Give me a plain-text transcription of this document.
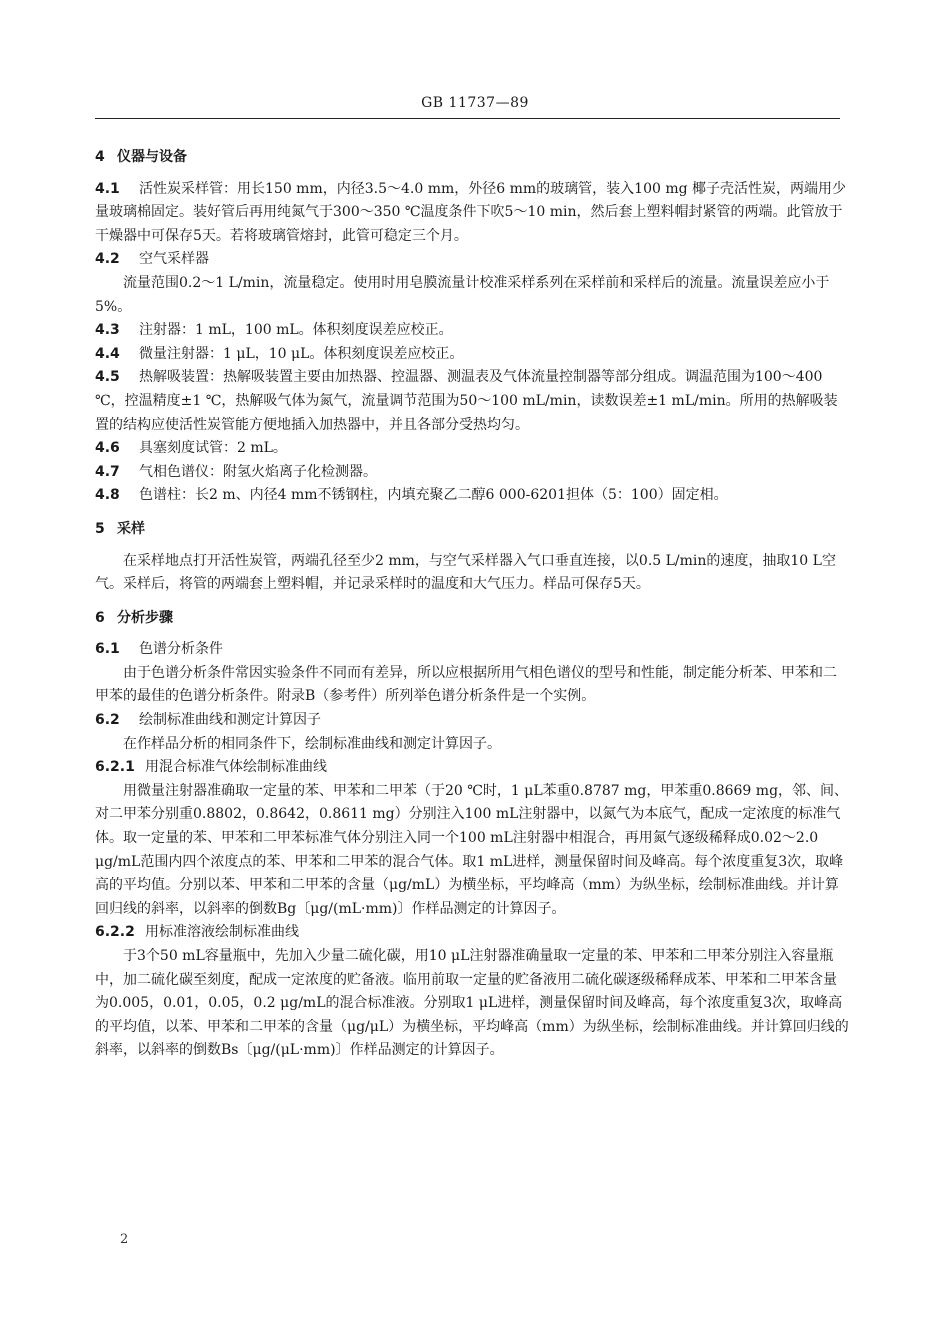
GB 11737—89

4 仪器与设备

4.1 活性炭采样管：用长150 mm，内径3.5～4.0 mm，外径6 mm的玻璃管，装入100 mg 椰子壳活性炭，两端用少量玻璃棉固定。装好管后再用纯氮气于300～350 ℃温度条件下吹5～10 min，然后套上塑料帽封紧管的两端。此管放于干燥器中可保存5天。若将玻璃管熔封，此管可稳定三个月。

4.2 空气采样器

流量范围0.2～1 L/min，流量稳定。使用时用皂膜流量计校准采样系列在采样前和采样后的流量。流量误差应小于5%。

4.3 注射器：1 mL，100 mL。体积刻度误差应校正。

4.4 微量注射器：1 μL，10 μL。体积刻度误差应校正。

4.5 热解吸装置：热解吸装置主要由加热器、控温器、测温表及气体流量控制器等部分组成。调温范围为100～400 ℃，控温精度±1 ℃，热解吸气体为氮气，流量调节范围为50～100 mL/min，读数误差±1 mL/min。所用的热解吸装置的结构应使活性炭管能方便地插入加热器中，并且各部分受热均匀。

4.6 具塞刻度试管：2 mL。

4.7 气相色谱仪：附氢火焰离子化检测器。

4.8 色谱柱：长2 m、内径4 mm不锈钢柱，内填充聚乙二醇6 000-6201担体（5：100）固定相。

5 采样

在采样地点打开活性炭管，两端孔径至少2 mm，与空气采样器入气口垂直连接，以0.5 L/min的速度，抽取10 L空气。采样后，将管的两端套上塑料帽，并记录采样时的温度和大气压力。样品可保存5天。

6 分析步骤

6.1 色谱分析条件

由于色谱分析条件常因实验条件不同而有差异，所以应根据所用气相色谱仪的型号和性能，制定能分析苯、甲苯和二甲苯的最佳的色谱分析条件。附录B（参考件）所列举色谱分析条件是一个实例。

6.2 绘制标准曲线和测定计算因子

在作样品分析的相同条件下，绘制标准曲线和测定计算因子。

6.2.1 用混合标准气体绘制标准曲线

用微量注射器准确取一定量的苯、甲苯和二甲苯（于20 ℃时，1 μL苯重0.8787 mg，甲苯重0.8669 mg，邻、间、对二甲苯分别重0.8802，0.8642，0.8611 mg）分别注入100 mL注射器中，以氮气为本底气，配成一定浓度的标准气体。取一定量的苯、甲苯和二甲苯标准气体分别注入同一个100 mL注射器中相混合，再用氮气逐级稀释成0.02～2.0 μg/mL范围内四个浓度点的苯、甲苯和二甲苯的混合气体。取1 mL进样，测量保留时间及峰高。每个浓度重复3次，取峰高的平均值。分别以苯、甲苯和二甲苯的含量（μg/mL）为横坐标，平均峰高（mm）为纵坐标，绘制标准曲线。并计算回归线的斜率，以斜率的倒数Bg〔μg/(mL·mm)〕作样品测定的计算因子。

6.2.2 用标准溶液绘制标准曲线

于3个50 mL容量瓶中，先加入少量二硫化碳，用10 μL注射器准确量取一定量的苯、甲苯和二甲苯分别注入容量瓶中，加二硫化碳至刻度，配成一定浓度的贮备液。临用前取一定量的贮备液用二硫化碳逐级稀释成苯、甲苯和二甲苯含量为0.005，0.01，0.05，0.2 μg/mL的混合标准液。分别取1 μL进样，测量保留时间及峰高，每个浓度重复3次，取峰高的平均值，以苯、甲苯和二甲苯的含量（μg/μL）为横坐标，平均峰高（mm）为纵坐标，绘制标准曲线。并计算回归线的斜率，以斜率的倒数Bs〔μg/(μL·mm)〕作样品测定的计算因子。

2
